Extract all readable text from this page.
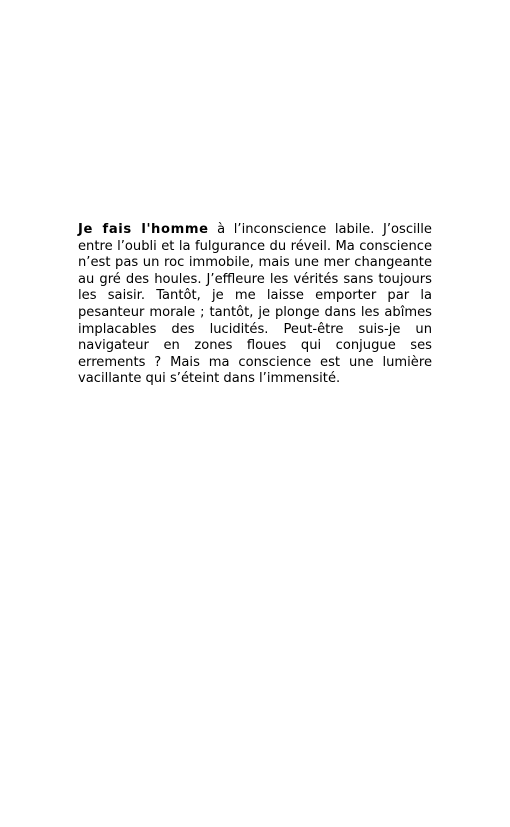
Je fais l'homme à l’inconscience labile. J’oscille entre l’oubli et la fulgurance du réveil. Ma conscience n’est pas un roc immobile, mais une mer changeante au gré des houles. J’effleure les vérités sans toujours les saisir. Tantôt, je me laisse emporter par la pesanteur morale ; tantôt, je plonge dans les abîmes implacables des lucidités. Peut-être suis-je un navigateur en zones floues qui conjugue ses errements ? Mais ma conscience est une lumière vacillante qui s’éteint dans l’immensité.
